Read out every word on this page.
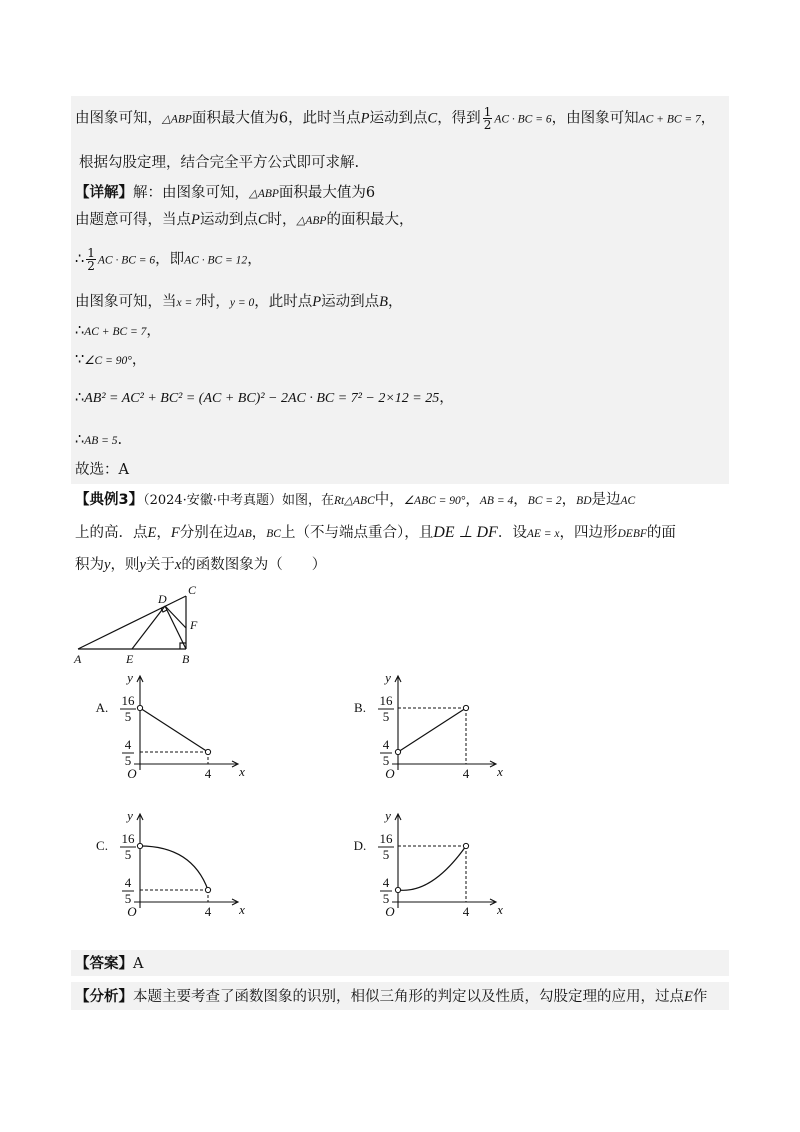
由图象可知，△ABP面积最大值为6，此时当点P运动到点C，得到 $\frac{1}{2}$ AC · BC = 6，由图象可知AC + BC = 7，
根据勾股定理，结合完全平方公式即可求解.
【详解】解：由图象可知，△ABP面积最大值为6
由题意可得，当点P运动到点C时，△ABP的面积最大，
∴ $\frac{1}{2}$ AC · BC = 6，即AC · BC = 12，
由图象可知，当x = 7时，y = 0，此时点P运动到点B，
∴AC + BC = 7，
∵∠C = 90°，
∴AB² = AC² + BC² = (AC + BC)² − 2AC · BC = 7² − 2×12 = 25，
∴AB = 5.
故选：A
【典例3】（2024·安徽·中考真题）如图，在Rt△ABC中，∠ABC = 90°，AB = 4，BC = 2，BD是边AC
上的高．点E，F分别在边AB，BC上（不与端点重合），且DE ⊥ DF．设AE = x，四边形DEBF的面
积为y，则y关于x的函数图象为（　　）
A	E	B
C
D
F
A. 16
5
4
5
O	4 x
y
B. 16
5
4
5
O	4 x
y
C. 16
5
4
5
O	4 x
y
D. 16
5
4
5
O	4 x
y
【答案】A
【分析】本题主要考查了函数图象的识别，相似三角形的判定以及性质，勾股定理的应用，过点E作
